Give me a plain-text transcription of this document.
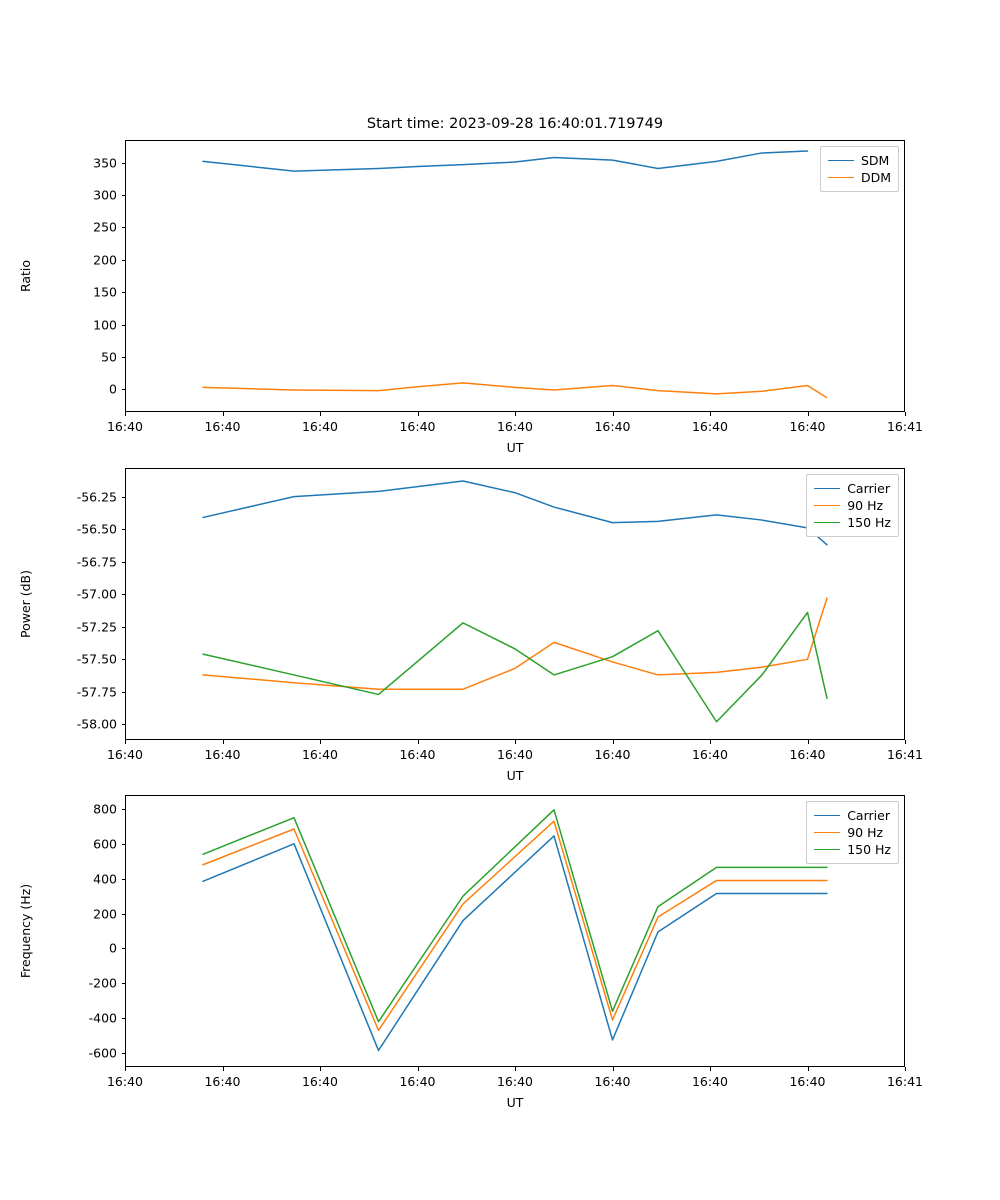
Start time: 2023-09-28 16:40:01.719749
SDM
DDM
Ratio
UT
16:40	16:40	16:40	16:40	16:40	16:40	16:40	16:40	16:41
0
50
100
150
200
250
300
350
Carrier
90 Hz
150 Hz
Power (dB)
UT
16:40	16:40	16:40	16:40	16:40	16:40	16:40	16:40	16:41
-58.00
-57.75
-57.50
-57.25
-57.00
-56.75
-56.50
-56.25
Carrier
90 Hz
150 Hz
Frequency (Hz)
UT
16:40	16:40	16:40	16:40	16:40	16:40	16:40	16:40	16:41
-600
-400
-200
0
200
400
600
800
